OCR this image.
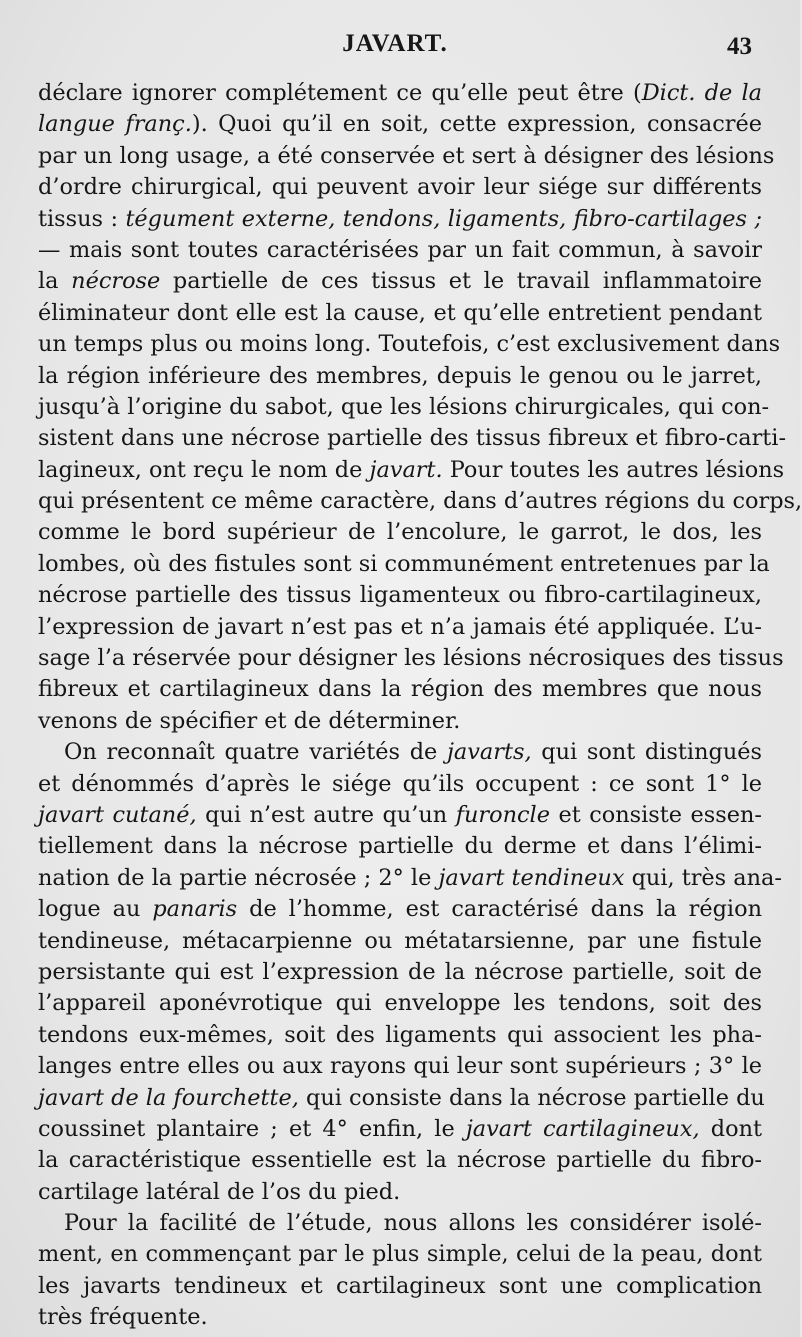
JAVART.	43
déclare ignorer complétement ce qu’elle peut être (Dict. de la
langue franç.). Quoi qu’il en soit, cette expression, consacrée
par un long usage, a été conservée et sert à désigner des lésions
d’ordre chirurgical, qui peuvent avoir leur siége sur différents
tissus : tégument externe, tendons, ligaments, fibro-cartilages ;
— mais sont toutes caractérisées par un fait commun, à savoir
la nécrose partielle de ces tissus et le travail inflammatoire
éliminateur dont elle est la cause, et qu’elle entretient pendant
un temps plus ou moins long. Toutefois, c’est exclusivement dans
la région inférieure des membres, depuis le genou ou le jarret,
jusqu’à l’origine du sabot, que les lésions chirurgicales, qui con-
sistent dans une nécrose partielle des tissus fibreux et fibro-carti-
lagineux, ont reçu le nom de javart. Pour toutes les autres lésions
qui présentent ce même caractère, dans d’autres régions du corps,
comme le bord supérieur de l’encolure, le garrot, le dos, les
lombes, où des fistules sont si communément entretenues par la
nécrose partielle des tissus ligamenteux ou fibro-cartilagineux,
l’expression de javart n’est pas et n’a jamais été appliquée. L’u-
sage l’a réservée pour désigner les lésions nécrosiques des tissus
fibreux et cartilagineux dans la région des membres que nous
venons de spécifier et de déterminer.
On reconnaît quatre variétés de javarts, qui sont distingués
et dénommés d’après le siége qu’ils occupent : ce sont 1° le
javart cutané, qui n’est autre qu’un furoncle et consiste essen-
tiellement dans la nécrose partielle du derme et dans l’élimi-
nation de la partie nécrosée ; 2° le javart tendineux qui, très ana-
logue au panaris de l’homme, est caractérisé dans la région
tendineuse, métacarpienne ou métatarsienne, par une fistule
persistante qui est l’expression de la nécrose partielle, soit de
l’appareil aponévrotique qui enveloppe les tendons, soit des
tendons eux-mêmes, soit des ligaments qui associent les pha-
langes entre elles ou aux rayons qui leur sont supérieurs ; 3° le
javart de la fourchette, qui consiste dans la nécrose partielle du
coussinet plantaire ; et 4° enfin, le javart cartilagineux, dont
la caractéristique essentielle est la nécrose partielle du fibro-
cartilage latéral de l’os du pied.
Pour la facilité de l’étude, nous allons les considérer isolé-
ment, en commençant par le plus simple, celui de la peau, dont
les javarts tendineux et cartilagineux sont une complication
très fréquente.
